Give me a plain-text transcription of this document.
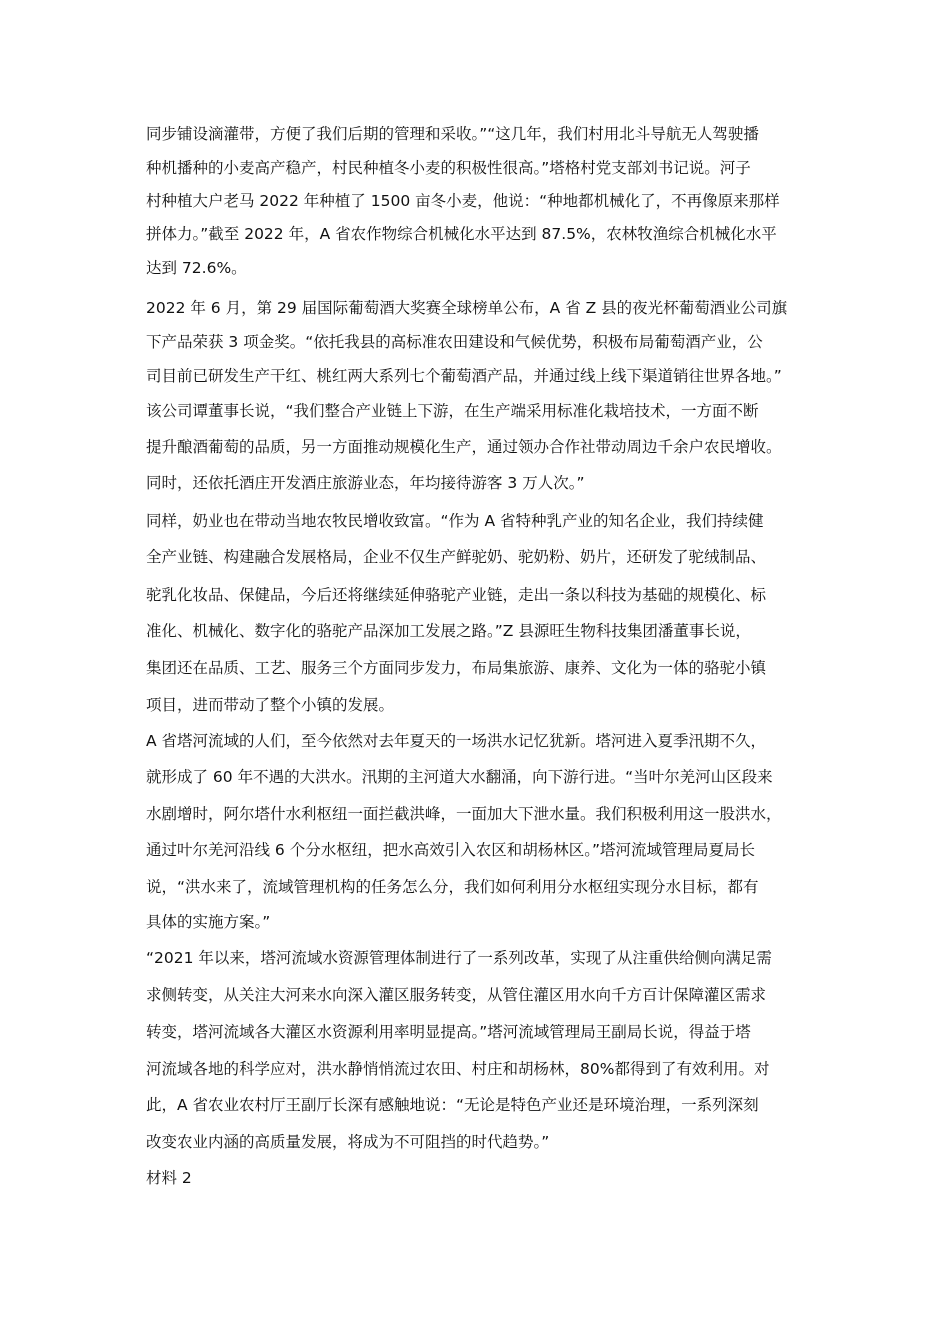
同步铺设滴灌带，方便了我们后期的管理和采收。”“这几年，我们村用北斗导航无人驾驶播

种机播种的小麦高产稳产，村民种植冬小麦的积极性很高。”塔格村党支部刘书记说。河子

村种植大户老马 2022 年种植了 1500 亩冬小麦，他说：“种地都机械化了，不再像原来那样

拼体力。”截至 2022 年，A 省农作物综合机械化水平达到 87.5%，农林牧渔综合机械化水平

达到 72.6%。

2022 年 6 月，第 29 届国际葡萄酒大奖赛全球榜单公布，A 省 Z 县的夜光杯葡萄酒业公司旗

下产品荣获 3 项金奖。“依托我县的高标准农田建设和气候优势，积极布局葡萄酒产业，公

司目前已研发生产干红、桃红两大系列七个葡萄酒产品，并通过线上线下渠道销往世界各地。”

该公司谭董事长说，“我们整合产业链上下游，在生产端采用标准化栽培技术，一方面不断

提升酿酒葡萄的品质，另一方面推动规模化生产，通过领办合作社带动周边千余户农民增收。

同时，还依托酒庄开发酒庄旅游业态，年均接待游客 3 万人次。”

同样，奶业也在带动当地农牧民增收致富。“作为 A 省特种乳产业的知名企业，我们持续健

全产业链、构建融合发展格局，企业不仅生产鲜驼奶、驼奶粉、奶片，还研发了驼绒制品、

驼乳化妆品、保健品，今后还将继续延伸骆驼产业链，走出一条以科技为基础的规模化、标

准化、机械化、数字化的骆驼产品深加工发展之路。”Z 县源旺生物科技集团潘董事长说，

集团还在品质、工艺、服务三个方面同步发力，布局集旅游、康养、文化为一体的骆驼小镇

项目，进而带动了整个小镇的发展。

A 省塔河流域的人们，至今依然对去年夏天的一场洪水记忆犹新。塔河进入夏季汛期不久，

就形成了 60 年不遇的大洪水。汛期的主河道大水翻涌，向下游行进。“当叶尔羌河山区段来

水剧增时，阿尔塔什水利枢纽一面拦截洪峰，一面加大下泄水量。我们积极利用这一股洪水，

通过叶尔羌河沿线 6 个分水枢纽，把水高效引入农区和胡杨林区。”塔河流域管理局夏局长

说，“洪水来了，流域管理机构的任务怎么分，我们如何利用分水枢纽实现分水目标，都有

具体的实施方案。”

“2021 年以来，塔河流域水资源管理体制进行了一系列改革，实现了从注重供给侧向满足需

求侧转变，从关注大河来水向深入灌区服务转变，从管住灌区用水向千方百计保障灌区需求

转变，塔河流域各大灌区水资源利用率明显提高。”塔河流域管理局王副局长说，得益于塔

河流域各地的科学应对，洪水静悄悄流过农田、村庄和胡杨林，80%都得到了有效利用。对

此，A 省农业农村厅王副厅长深有感触地说：“无论是特色产业还是环境治理，一系列深刻

改变农业内涵的高质量发展，将成为不可阻挡的时代趋势。”

材料 2
